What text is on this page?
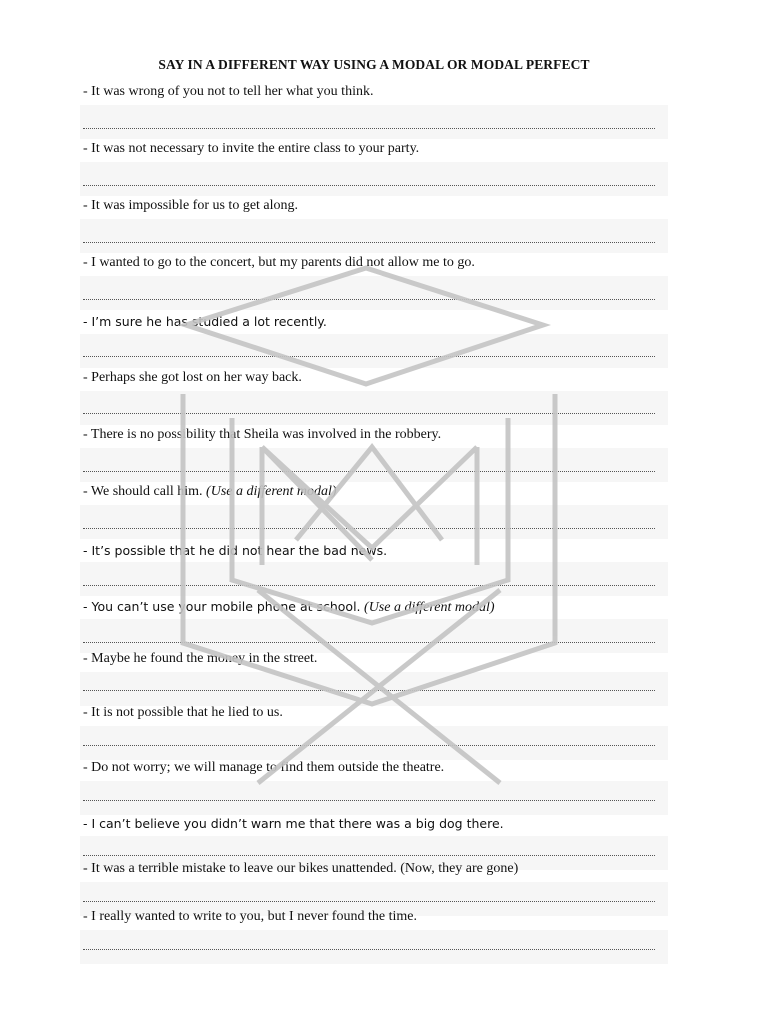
SAY IN A DIFFERENT WAY USING A MODAL OR MODAL PERFECT
- It was wrong of you not to tell her what you think.
- It was not necessary to invite the entire class to your party.
- It was impossible for us to get along.
- I wanted to go to the concert, but my parents did not allow me to go.
- I’m sure he has studied a lot recently.
- Perhaps she got lost on her way back.
- There is no possibility that Sheila was involved in the robbery.
- We should call him. (Use a different modal)
- It’s possible that he did not hear the bad news.
- You can’t use your mobile phone at school. (Use a different modal)
- Maybe he found the money in the street.
- It is not possible that he lied to us.
- Do not worry; we will manage to find them outside the theatre.
- I can’t believe you didn’t warn me that there was a big dog there.
- It was a terrible mistake to leave our bikes unattended. (Now, they are gone)
- I really wanted to write to you, but I never found the time.
